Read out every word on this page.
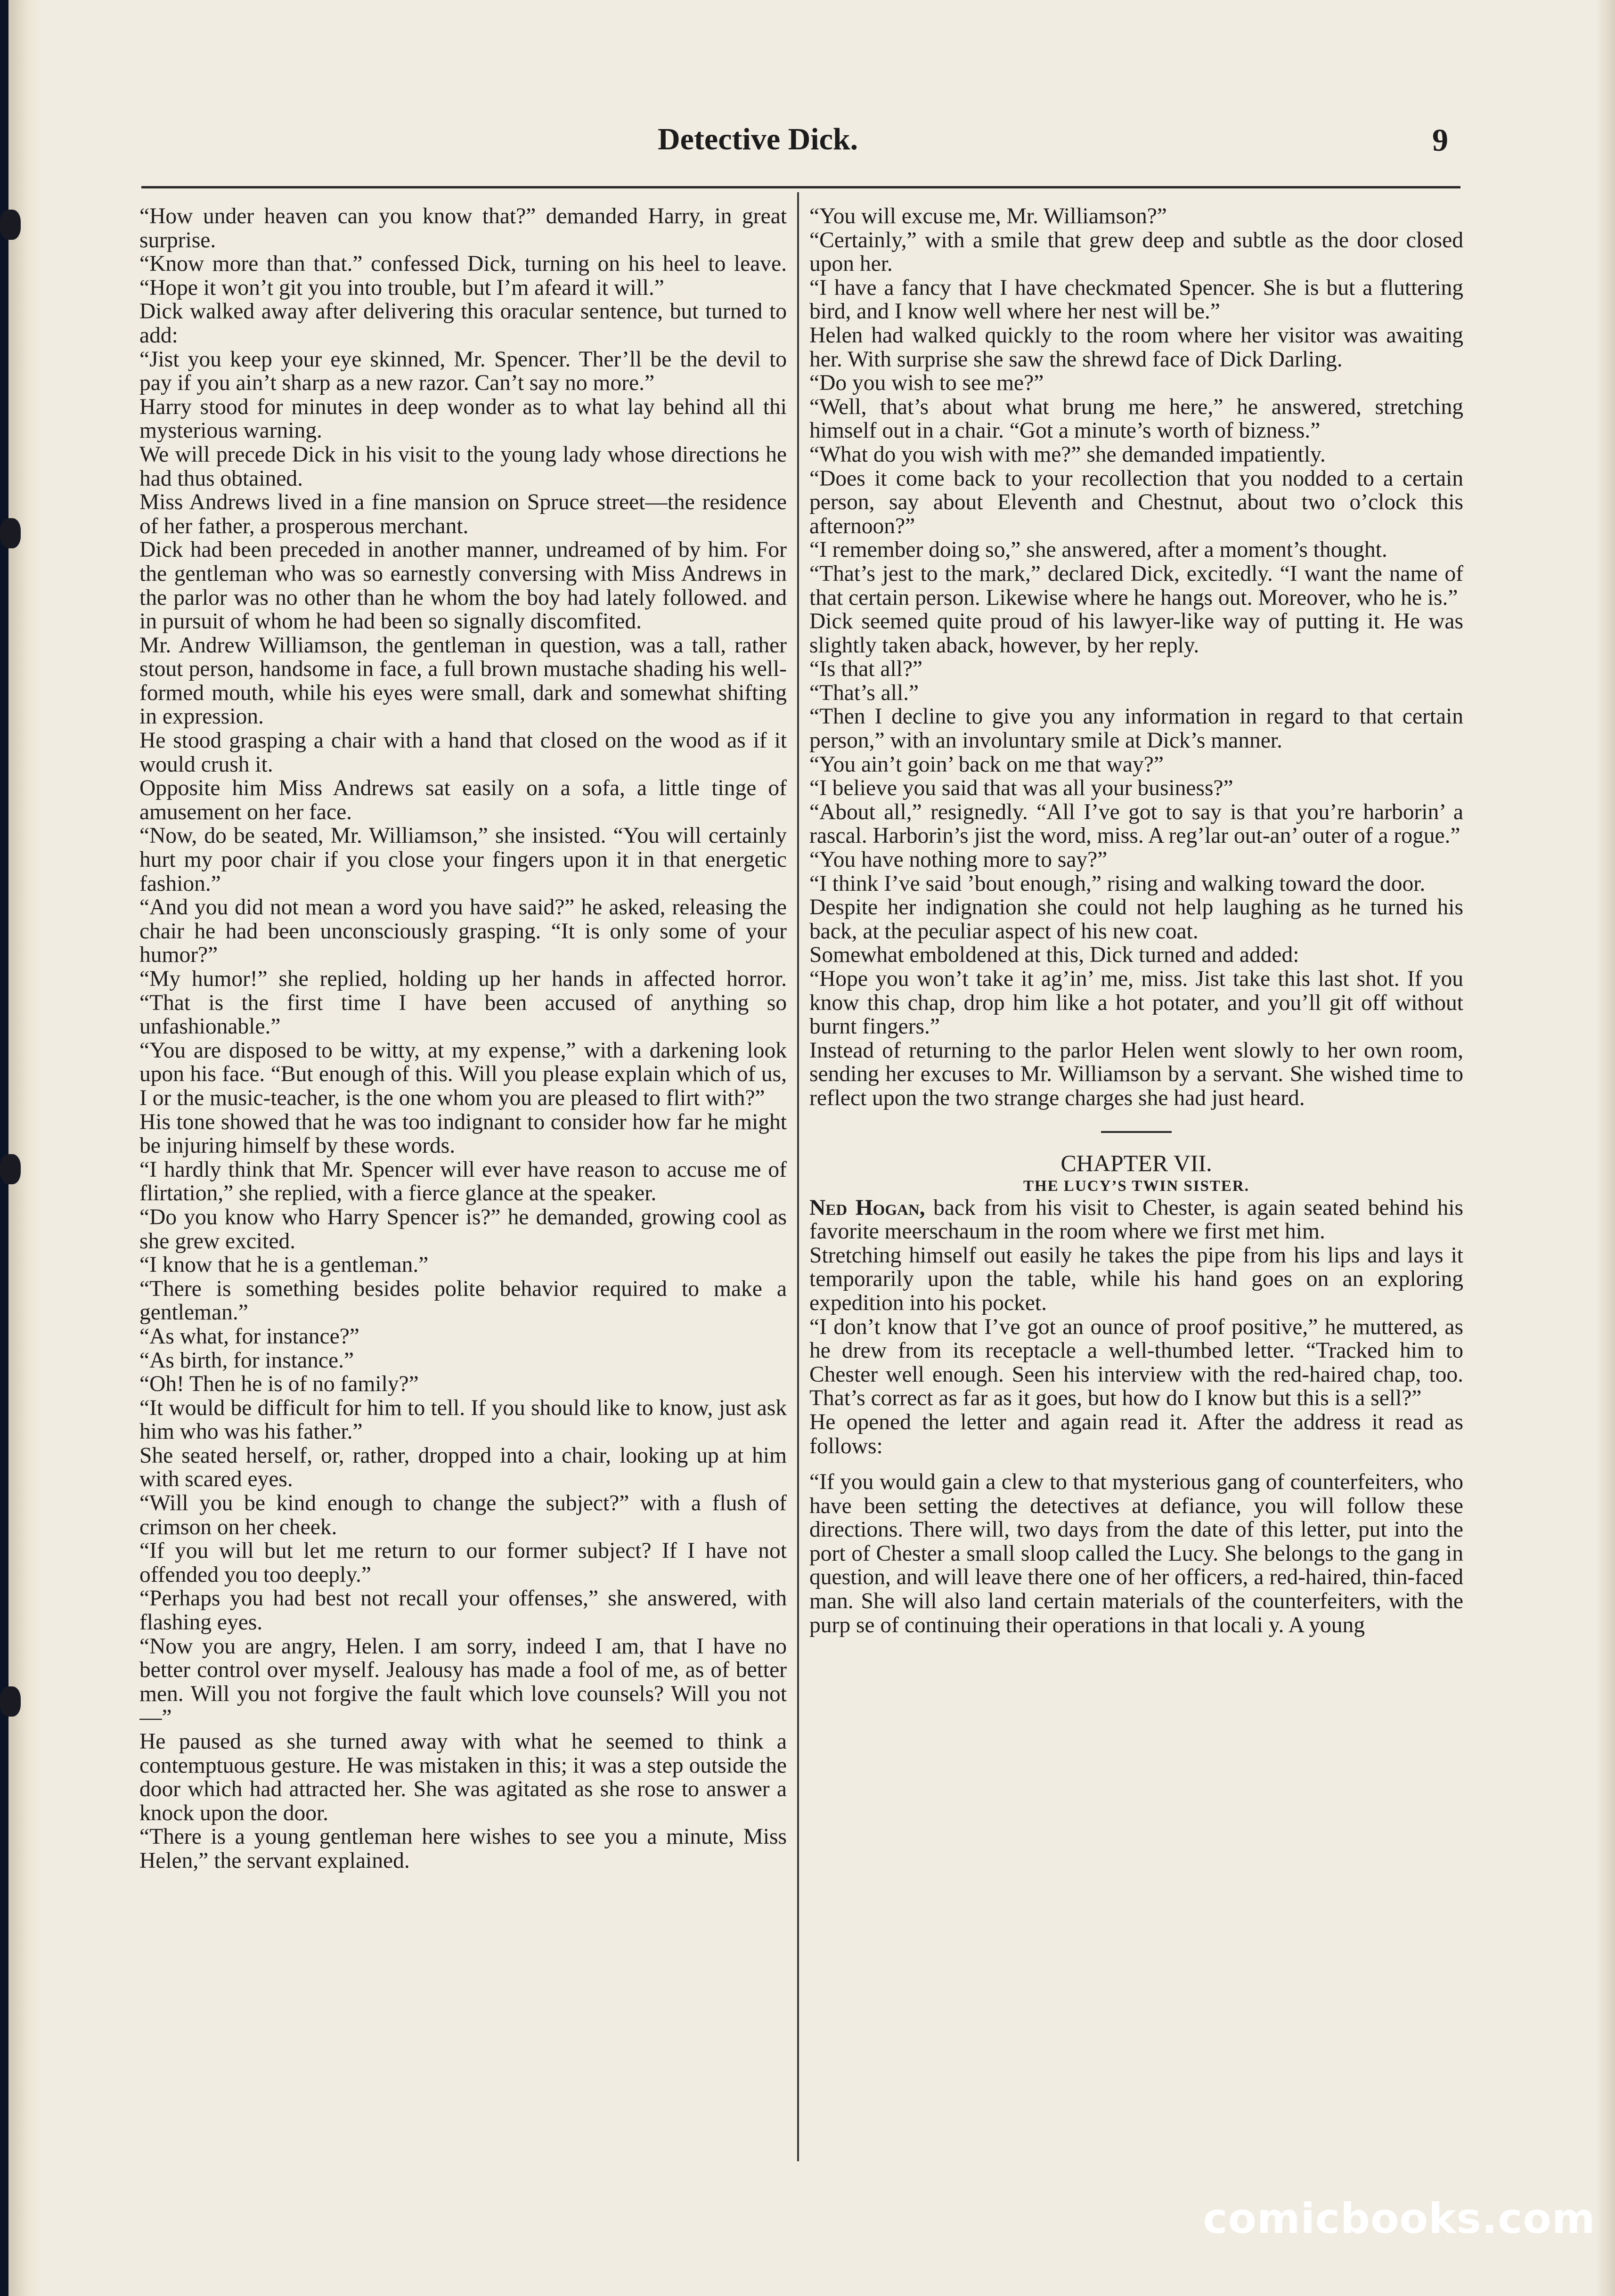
Detective Dick.	9

“How under heaven can you know that?” demanded Harry, in great surprise.

“Know more than that.” confessed Dick, turning on his heel to leave. “Hope it won’t git you into trouble, but I’m afeard it will.”

Dick walked away after delivering this oracular sentence, but turned to add:

“Jist you keep your eye skinned, Mr. Spencer. Ther’ll be the devil to pay if you ain’t sharp as a new razor. Can’t say no more.”

Harry stood for minutes in deep wonder as to what lay behind all thi mysterious warning.

We will precede Dick in his visit to the young lady whose directions he had thus obtained.

Miss Andrews lived in a fine mansion on Spruce street—the residence of her father, a prosperous merchant.

Dick had been preceded in another manner, undreamed of by him. For the gentleman who was so earnestly conversing with Miss Andrews in the parlor was no other than he whom the boy had lately followed. and in pursuit of whom he had been so signally discomfited.

Mr. Andrew Williamson, the gentleman in question, was a tall, rather stout person, handsome in face, a full brown mustache shading his well-formed mouth, while his eyes were small, dark and somewhat shifting in expression.

He stood grasping a chair with a hand that closed on the wood as if it would crush it.

Opposite him Miss Andrews sat easily on a sofa, a little tinge of amusement on her face.

“Now, do be seated, Mr. Williamson,” she insisted. “You will certainly hurt my poor chair if you close your fingers upon it in that energetic fashion.”

“And you did not mean a word you have said?” he asked, releasing the chair he had been unconsciously grasping. “It is only some of your humor?”

“My humor!” she replied, holding up her hands in affected horror. “That is the first time I have been accused of anything so unfashionable.”

“You are disposed to be witty, at my expense,” with a darkening look upon his face. “But enough of this. Will you please explain which of us, I or the music-teacher, is the one whom you are pleased to flirt with?”

His tone showed that he was too indignant to consider how far he might be injuring himself by these words.

“I hardly think that Mr. Spencer will ever have reason to accuse me of flirtation,” she replied, with a fierce glance at the speaker.

“Do you know who Harry Spencer is?” he demanded, growing cool as she grew excited.

“I know that he is a gentleman.”

“There is something besides polite behavior required to make a gentleman.”

“As what, for instance?”

“As birth, for instance.”

“Oh! Then he is of no family?”

“It would be difficult for him to tell. If you should like to know, just ask him who was his father.”

She seated herself, or, rather, dropped into a chair, looking up at him with scared eyes.

“Will you be kind enough to change the subject?” with a flush of crimson on her cheek.

“If you will but let me return to our former subject? If I have not offended you too deeply.”

“Perhaps you had best not recall your offenses,” she answered, with flashing eyes.

“Now you are angry, Helen. I am sorry, indeed I am, that I have no better control over myself. Jealousy has made a fool of me, as of better men. Will you not forgive the fault which love counsels? Will you not—”

He paused as she turned away with what he seemed to think a contemptuous gesture. He was mistaken in this; it was a step outside the door which had attracted her. She was agitated as she rose to answer a knock upon the door.

“There is a young gentleman here wishes to see you a minute, Miss Helen,” the servant explained.

“You will excuse me, Mr. Williamson?”

“Certainly,” with a smile that grew deep and subtle as the door closed upon her.

“I have a fancy that I have checkmated Spencer. She is but a fluttering bird, and I know well where her nest will be.”

Helen had walked quickly to the room where her visitor was awaiting her. With surprise she saw the shrewd face of Dick Darling.

“Do you wish to see me?”

“Well, that’s about what brung me here,” he answered, stretching himself out in a chair. “Got a minute’s worth of bizness.”

“What do you wish with me?” she demanded impatiently.

“Does it come back to your recollection that you nodded to a certain person, say about Eleventh and Chestnut, about two o’clock this afternoon?”

“I remember doing so,” she answered, after a moment’s thought.

“That’s jest to the mark,” declared Dick, excitedly. “I want the name of that certain person. Likewise where he hangs out. Moreover, who he is.”

Dick seemed quite proud of his lawyer-like way of putting it. He was slightly taken aback, however, by her reply.

“Is that all?”

“That’s all.”

“Then I decline to give you any information in regard to that certain person,” with an involuntary smile at Dick’s manner.

“You ain’t goin’ back on me that way?”

“I believe you said that was all your business?”

“About all,” resignedly. “All I’ve got to say is that you’re harborin’ a rascal. Harborin’s jist the word, miss. A reg’lar out-an’ outer of a rogue.”

“You have nothing more to say?”

“I think I’ve said ’bout enough,” rising and walking toward the door.

Despite her indignation she could not help laughing as he turned his back, at the peculiar aspect of his new coat.

Somewhat emboldened at this, Dick turned and added:

“Hope you won’t take it ag’in’ me, miss. Jist take this last shot. If you know this chap, drop him like a hot potater, and you’ll git off without burnt fingers.”

Instead of returning to the parlor Helen went slowly to her own room, sending her excuses to Mr. Williamson by a servant. She wished time to reflect upon the two strange charges she had just heard.

CHAPTER VII.

THE LUCY’S TWIN SISTER.

Ned Hogan, back from his visit to Chester, is again seated behind his favorite meerschaum in the room where we first met him.

Stretching himself out easily he takes the pipe from his lips and lays it temporarily upon the table, while his hand goes on an exploring expedition into his pocket.

“I don’t know that I’ve got an ounce of proof positive,” he muttered, as he drew from its receptacle a well-thumbed letter. “Tracked him to Chester well enough. Seen his interview with the red-haired chap, too. That’s correct as far as it goes, but how do I know but this is a sell?”

He opened the letter and again read it. After the address it read as follows:

“If you would gain a clew to that mysterious gang of counterfeiters, who have been setting the detectives at defiance, you will follow these directions. There will, two days from the date of this letter, put into the port of Chester a small sloop called the Lucy. She belongs to the gang in question, and will leave there one of her officers, a red-haired, thin-faced man. She will also land certain materials of the counterfeiters, with the purp se of continuing their operations in that locali y. A young

comicbooks.com
